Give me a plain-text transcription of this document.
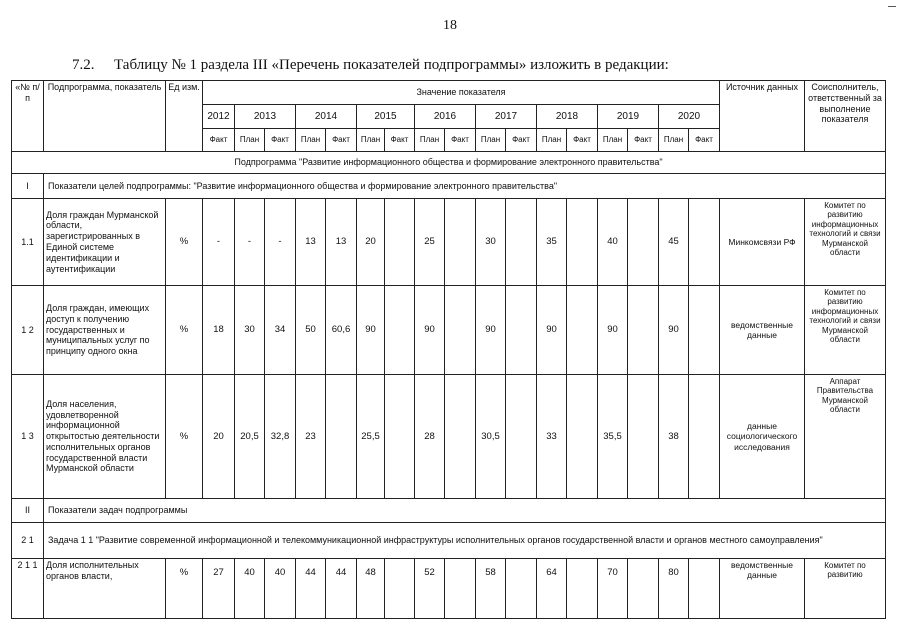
18
7.2. Таблицу № 1 раздела III «Перечень показателей подпрограммы» изложить в редакции:
«№ п/п	Подпрограмма, показатель	Ед изм.	Значение показателя																	Источник данных	Соисполнитель, ответственный за выполнение показателя
			2012	2013		2014		2015		2016		2017		2018		2019		2020			
			Факт	План	Факт	План	Факт	План	Факт	План	Факт	План	Факт	План	Факт	План	Факт	План	Факт		
Подпрограмма "Развитие информационного общества и формирование электронного правительства"																					
I	Показатели целей подпрограммы: "Развитие информационного общества и формирование электронного правительства"																				
1.1	Доля граждан Мурманской области, зарегистрированных в Единой системе идентификации и аутентификации	%	-	-	-	13	13	20		25		30		35		40		45		Минкомсвязи РФ	Комитет по развитию информационных технологий и связи Мурманской области
1 2	Доля граждан, имеющих доступ к получению государственных и муниципальных услуг по принципу одного окна	%	18	30	34	50	60,6	90		90		90		90		90		90		ведомственные данные	Комитет по развитию информационных технологий и связи Мурманской области
1 3	Доля населения, удовлетворенной информационной открытостью деятельности исполнительных органов государственной власти Мурманской области	%	20	20,5	32,8	23		25,5		28		30,5		33		35,5		38		данные социологического исследования	Аппарат Правительства Мурманской области
II	Показатели задач подпрограммы																				
2 1	Задача 1 1 "Развитие современной информационной и телекоммуникационной инфраструктуры исполнительных органов государственной власти и органов местного самоуправления"																				
2 1 1	Доля исполнительных органов власти,	%	27	40	40	44	44	48		52		58		64		70		80		ведомственные данные	Комитет по развитию
